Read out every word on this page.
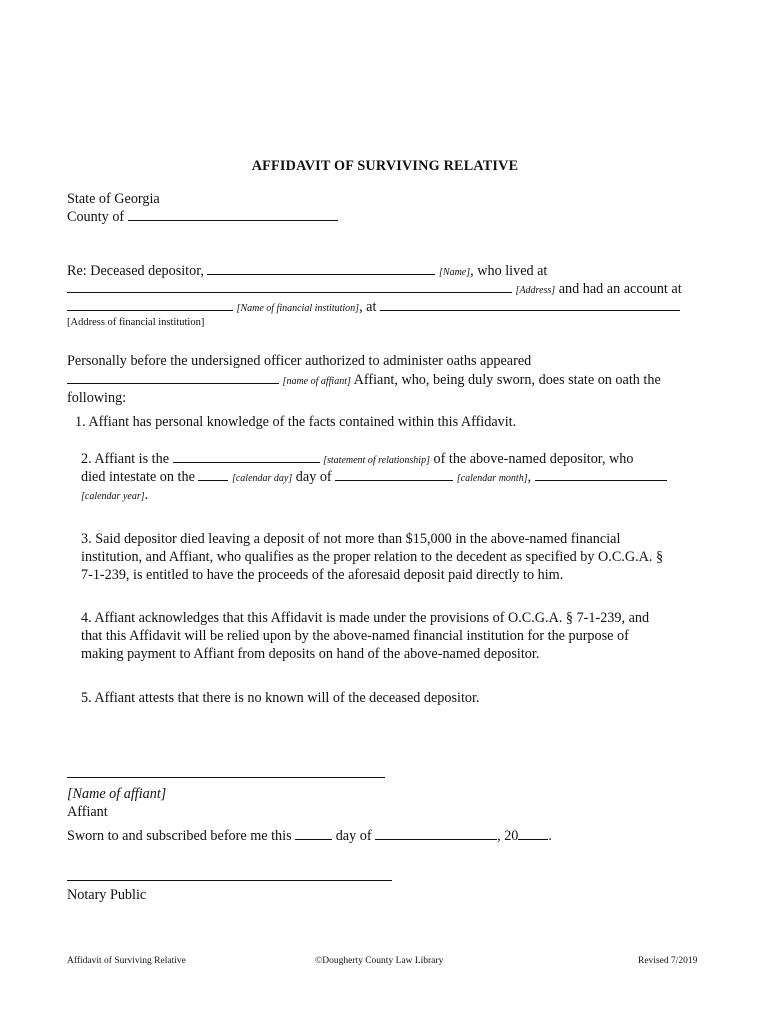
AFFIDAVIT OF SURVIVING RELATIVE
State of Georgia
County of
Re: Deceased depositor,	[Name], who lived at
[Address] and had an account at
[Name of financial institution], at
[Address of financial institution]
Personally before the undersigned officer authorized to administer oaths appeared
[name of affiant] Affiant, who, being duly sworn, does state on oath the
following:
1. Affiant has personal knowledge of the facts contained within this Affidavit.
2. Affiant is the	[statement of relationship] of the above-named depositor, who
died intestate on the	[calendar day] day of	[calendar month],
[calendar year].
3. Said depositor died leaving a deposit of not more than $15,000 in the above-named financial
institution, and Affiant, who qualifies as the proper relation to the decedent as specified by O.C.G.A. §
7-1-239, is entitled to have the proceeds of the aforesaid deposit paid directly to him.
4. Affiant acknowledges that this Affidavit is made under the provisions of O.C.G.A. § 7-1-239, and
that this Affidavit will be relied upon by the above-named financial institution for the purpose of
making payment to Affiant from deposits on hand of the above-named depositor.
5. Affiant attests that there is no known will of the deceased depositor.
[Name of affiant]
Affiant
Sworn to and subscribed before me this	day of	, 20 .
Notary Public
Affidavit of Surviving Relative	©Dougherty County Law Library	Revised 7/2019
